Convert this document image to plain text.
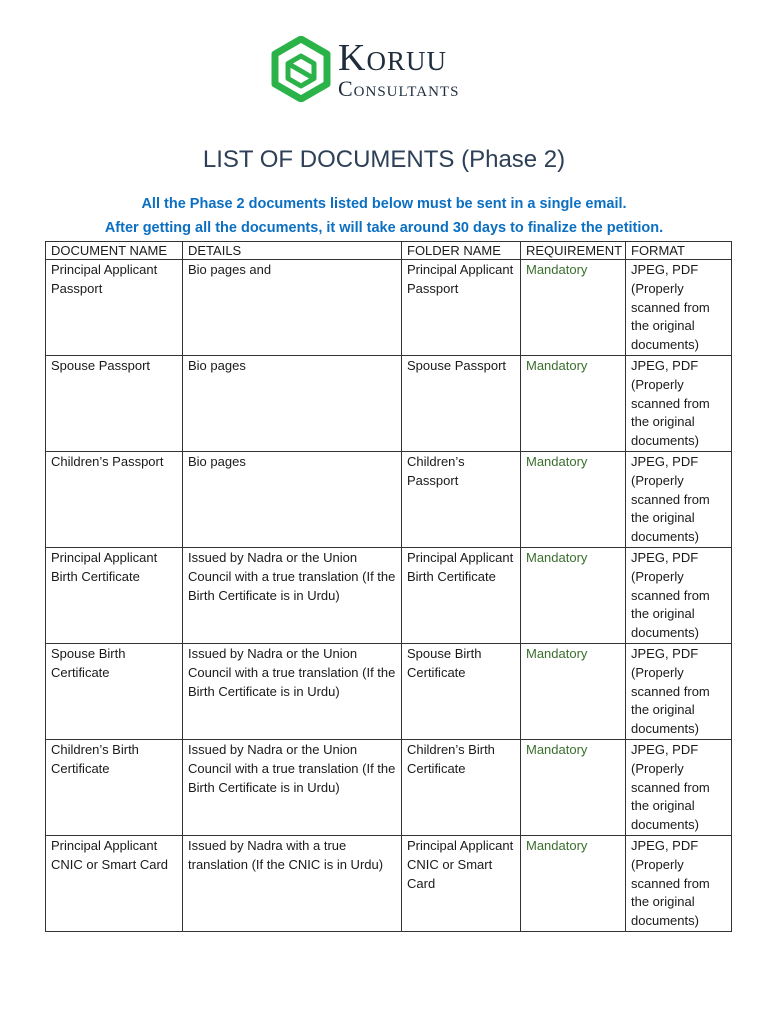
Koruu
Consultants
LIST OF DOCUMENTS (Phase 2)
All the Phase 2 documents listed below must be sent in a single email.
After getting all the documents, it will take around 30 days to finalize the petition.
DOCUMENT NAME	DETAILS	FOLDER NAME	REQUIREMENT	FORMAT
Principal Applicant Passport	Bio pages and	Principal Applicant Passport	Mandatory	JPEG, PDF (Properly scanned from the original documents)
Spouse Passport	Bio pages	Spouse Passport	Mandatory	JPEG, PDF (Properly scanned from the original documents)
Children’s Passport	Bio pages	Children’s Passport	Mandatory	JPEG, PDF (Properly scanned from the original documents)
Principal Applicant Birth Certificate	Issued by Nadra or the Union Council with a true translation (If the Birth Certificate is in Urdu)	Principal Applicant Birth Certificate	Mandatory	JPEG, PDF (Properly scanned from the original documents)
Spouse Birth Certificate	Issued by Nadra or the Union Council with a true translation (If the Birth Certificate is in Urdu)	Spouse Birth Certificate	Mandatory	JPEG, PDF (Properly scanned from the original documents)
Children’s Birth Certificate	Issued by Nadra or the Union Council with a true translation (If the Birth Certificate is in Urdu)	Children’s Birth Certificate	Mandatory	JPEG, PDF (Properly scanned from the original documents)
Principal Applicant CNIC or Smart Card	Issued by Nadra with a true translation (If the CNIC is in Urdu)	Principal Applicant CNIC or Smart Card	Mandatory	JPEG, PDF (Properly scanned from the original documents)
